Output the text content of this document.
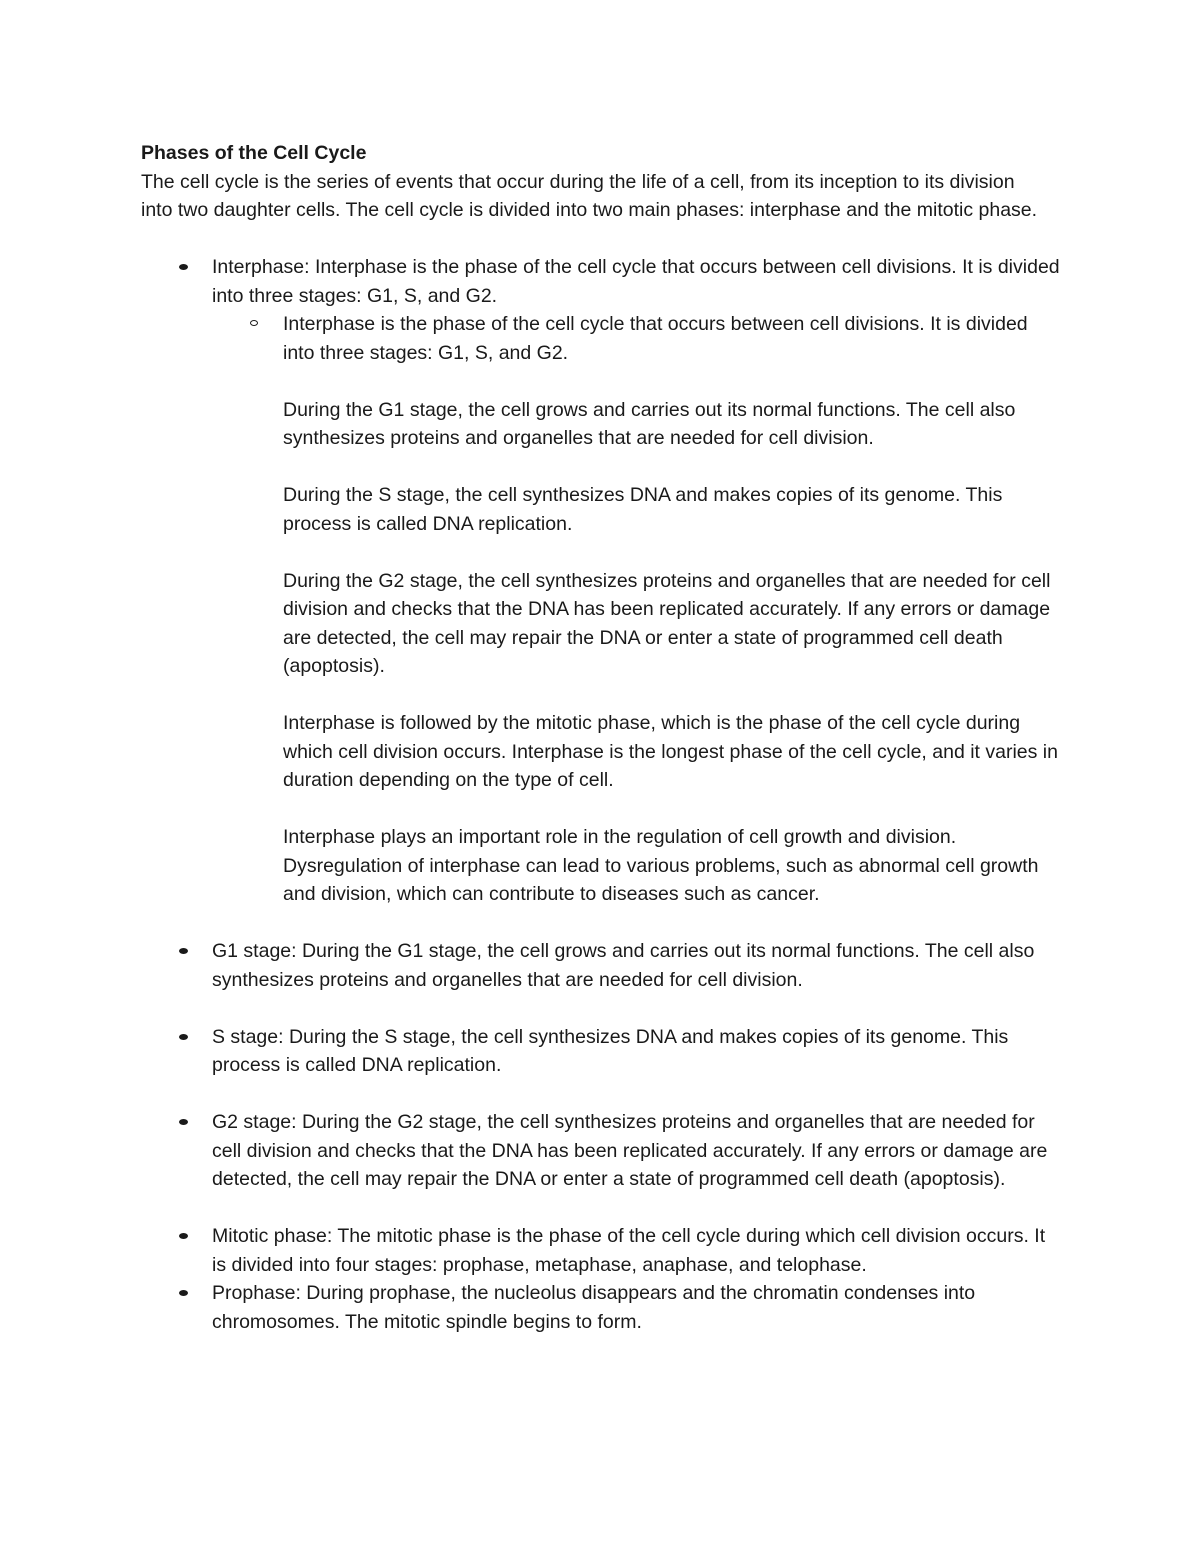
Phases of the Cell Cycle

The cell cycle is the series of events that occur during the life of a cell, from its inception to its division into two daughter cells. The cell cycle is divided into two main phases: interphase and the mitotic phase.

Interphase: Interphase is the phase of the cell cycle that occurs between cell divisions. It is divided into three stages: G1, S, and G2.

Interphase is the phase of the cell cycle that occurs between cell divisions. It is divided into three stages: G1, S, and G2.

During the G1 stage, the cell grows and carries out its normal functions. The cell also synthesizes proteins and organelles that are needed for cell division.

During the S stage, the cell synthesizes DNA and makes copies of its genome. This process is called DNA replication.

During the G2 stage, the cell synthesizes proteins and organelles that are needed for cell division and checks that the DNA has been replicated accurately. If any errors or damage are detected, the cell may repair the DNA or enter a state of programmed cell death (apoptosis).

Interphase is followed by the mitotic phase, which is the phase of the cell cycle during which cell division occurs. Interphase is the longest phase of the cell cycle, and it varies in duration depending on the type of cell.

Interphase plays an important role in the regulation of cell growth and division. Dysregulation of interphase can lead to various problems, such as abnormal cell growth and division, which can contribute to diseases such as cancer.

G1 stage: During the G1 stage, the cell grows and carries out its normal functions. The cell also synthesizes proteins and organelles that are needed for cell division.

S stage: During the S stage, the cell synthesizes DNA and makes copies of its genome. This process is called DNA replication.

G2 stage: During the G2 stage, the cell synthesizes proteins and organelles that are needed for cell division and checks that the DNA has been replicated accurately. If any errors or damage are detected, the cell may repair the DNA or enter a state of programmed cell death (apoptosis).

Mitotic phase: The mitotic phase is the phase of the cell cycle during which cell division occurs. It is divided into four stages: prophase, metaphase, anaphase, and telophase.

Prophase: During prophase, the nucleolus disappears and the chromatin condenses into chromosomes. The mitotic spindle begins to form.
